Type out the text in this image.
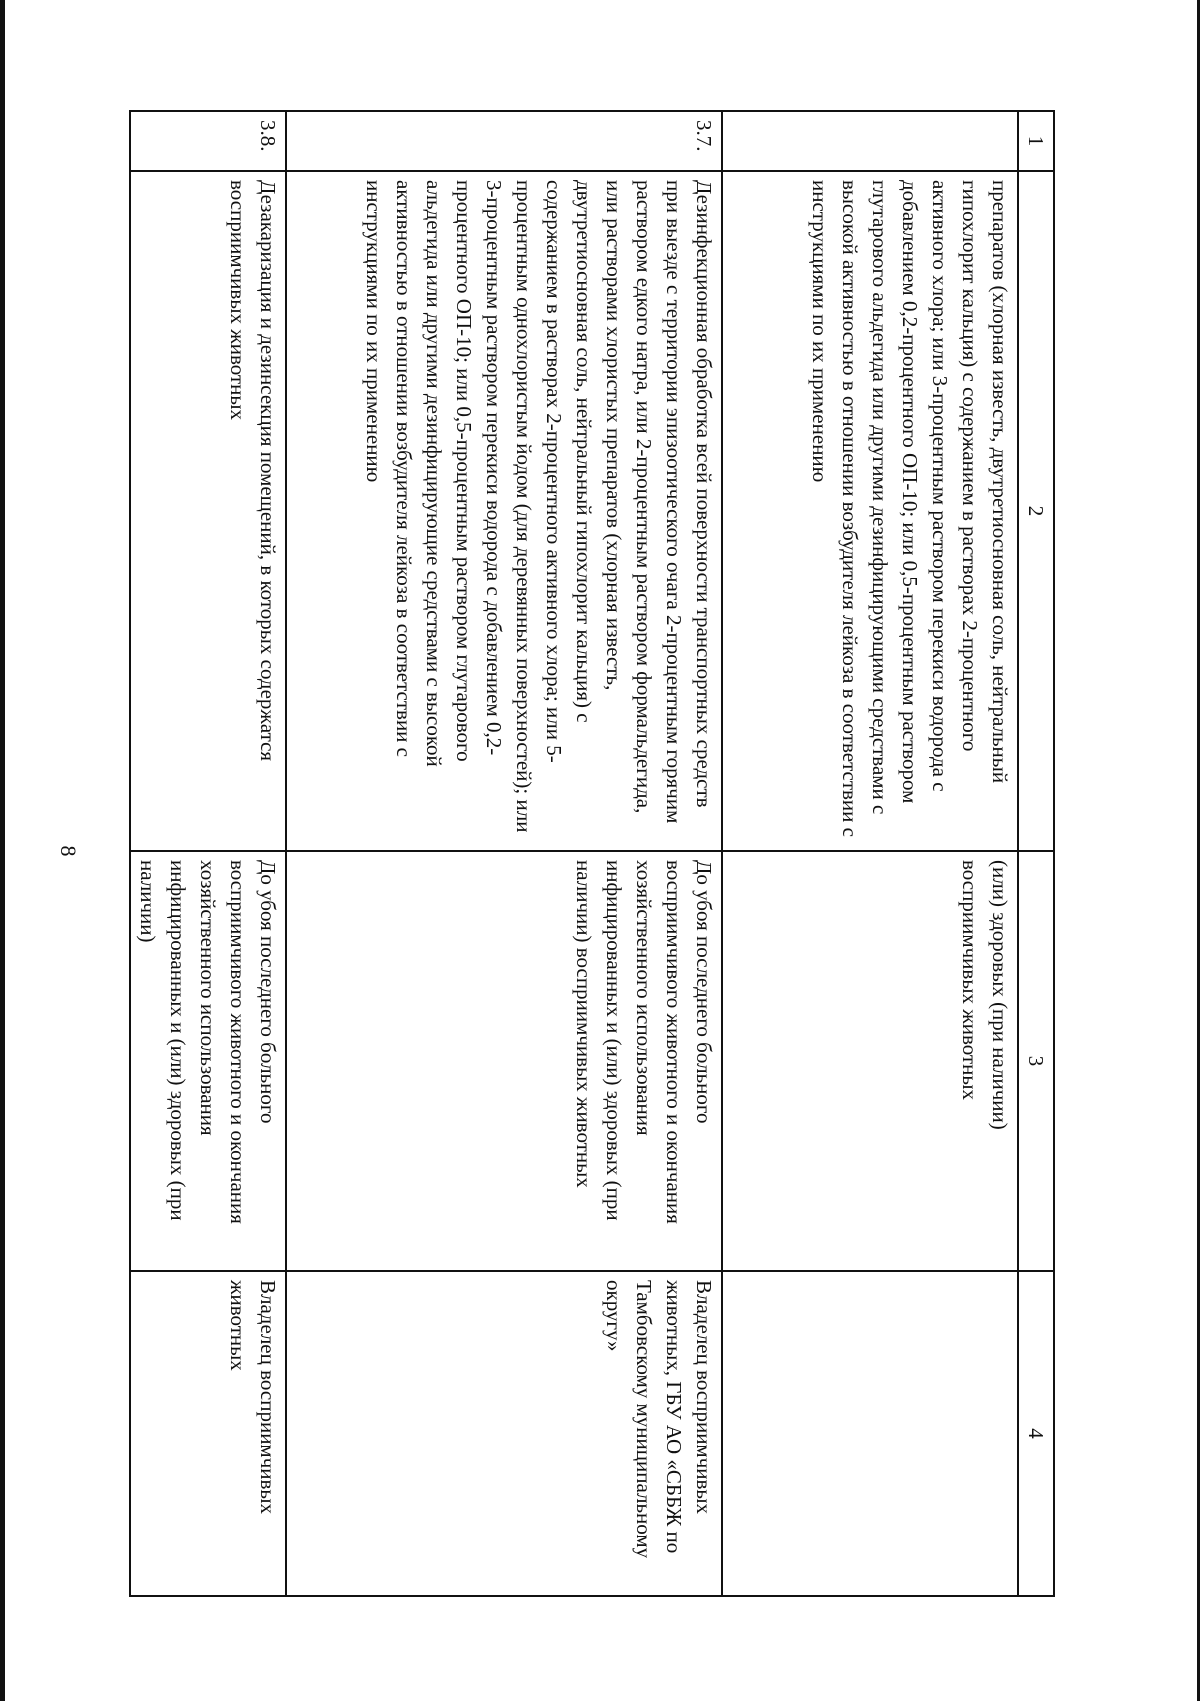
8
1	2	3	4
	препаратов (хлорная известь, двутретиосновная соль, нейтральный гипохлорит кальция) с содержанием в растворах 2-процентного активного хлора; или 3-процентным раствором перекиси водорода с добавлением 0,2-процентного ОП-10; или 0,5-процентным раствором глутарового альдегида или другими дезинфицирующими средствами с высокой активностью в отношении возбудителя лейкоза в соответствии с инструкциями по их применению	(или) здоровых (при наличии) восприимчивых животных	
3.7.	Дезинфекционная обработка всей поверхности транспортных средств при выезде с территории эпизоотического очага 2-процентным горячим раствором едкого натра, или 2-процентным раствором формальдегида, или растворами хлористых препаратов (хлорная известь, двутретиосновная соль, нейтральный гипохлорит кальция) с содержанием в растворах 2-процентного активного хлора; или 5-процентным однохлористым йодом (для деревянных поверхностей); или 3-процентным раствором перекиси водорода с добавлением 0,2-процентного ОП-10; или 0,5-процентным раствором глутарового альдегида или другими дезинфицирующие средствами с высокой активностью в отношении возбудителя лейкоза в соответствии с инструкциями по их применению	До убоя последнего больного восприимчивого животного и окончания хозяйственного использования инфицированных и (или) здоровых (при наличии) восприимчивых животных	Владелец восприимчивых животных, ГБУ АО «СББЖ по Тамбовскому муниципальному округу»
3.8.	Дезакаризация и дезинсекция помещений, в которых содержатся восприимчивых животных	До убоя последнего больного восприимчивого животного и окончания хозяйственного использования инфицированных и (или) здоровых (при наличии)	Владелец восприимчивых животных
